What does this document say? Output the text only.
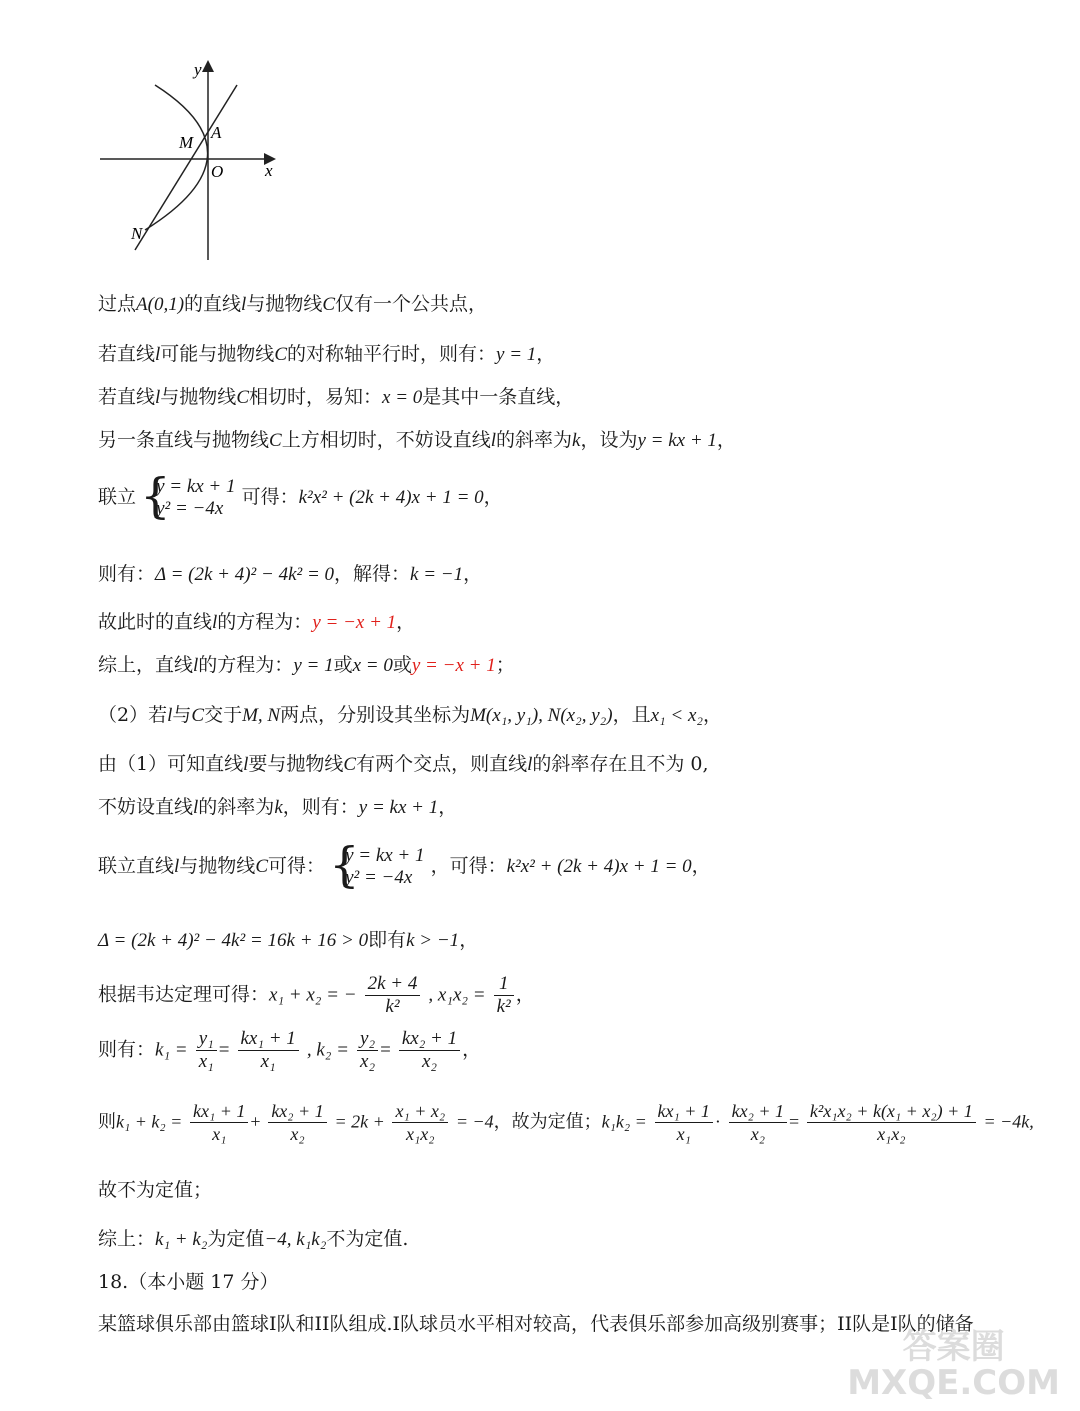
y
x
M
A
O
N
过点A(0,1)的直线l与抛物线C仅有一个公共点，
若直线l可能与抛物线C的对称轴平行时，则有：y = 1，
若直线l与抛物线C相切时，易知：x = 0是其中一条直线，
另一条直线与抛物线C上方相切时，不妨设直线l的斜率为k，设为y = kx + 1，
联立 { y = kx + 1
y² = −4x
可得：k²x² + (2k + 4)x + 1 = 0，
则有：Δ = (2k + 4)² − 4k² = 0，解得：k = −1，
故此时的直线l的方程为：y = −x + 1，
综上，直线l的方程为：y = 1或x = 0或y = −x + 1；
（2）若l与C交于M, N两点，分别设其坐标为M(x₁, y₁), N(x₂, y₂)，且x₁ < x₂，
由（1）可知直线l要与抛物线C有两个交点，则直线l的斜率存在且不为 0,
不妨设直线l的斜率为k，则有：y = kx + 1，
联立直线l与抛物线C可得： { y = kx + 1
y² = −4x
，可得：k²x² + (2k + 4)x + 1 = 0，
Δ = (2k + 4)² − 4k² = 16k + 16 > 0即有k > −1，
根据韦达定理可得：x₁ + x₂ = − $\frac{2k + 4}{\text{k²}}$ , $x_1x_2 = \frac{1}{\text{k²}}$ ，
则有：$k_1 = \frac{\text{y₁}}{\text{x₁}} = \frac{\text{kx₁ + 1}}{\text{x₁}}$ , $k_2 = \frac{\text{y₂}}{\text{x₂}} = \frac{\text{kx₂ + 1}}{\text{x₂}}$ ，
则$k_1 + k_2 = \frac{\text{kx₁ + 1}}{\text{x₁}} + \frac{\text{kx₂ + 1}}{\text{x₂}} = 2k + \frac{\text{x₁ + x₂}}{\text{x₁x₂}} = -4$，故为定值；$k_1k_2 = \frac{\text{kx₁ + 1}}{\text{x₁}} \cdot \frac{\text{kx₂ + 1}}{\text{x₂}} = \frac{\text{k²x₁x₂ + k(x₁ + x₂) + 1}}{\text{x₁x₂}} = -4k$,
故不为定值；
综上：k₁ + k₂为定值−4, k₁k₂不为定值.
18.（本小题 17 分）
某篮球俱乐部由篮球I队和II队组成.I队球员水平相对较高，代表俱乐部参加高级别赛事；II队是I队的储备
答案圈
MXQE.COM
